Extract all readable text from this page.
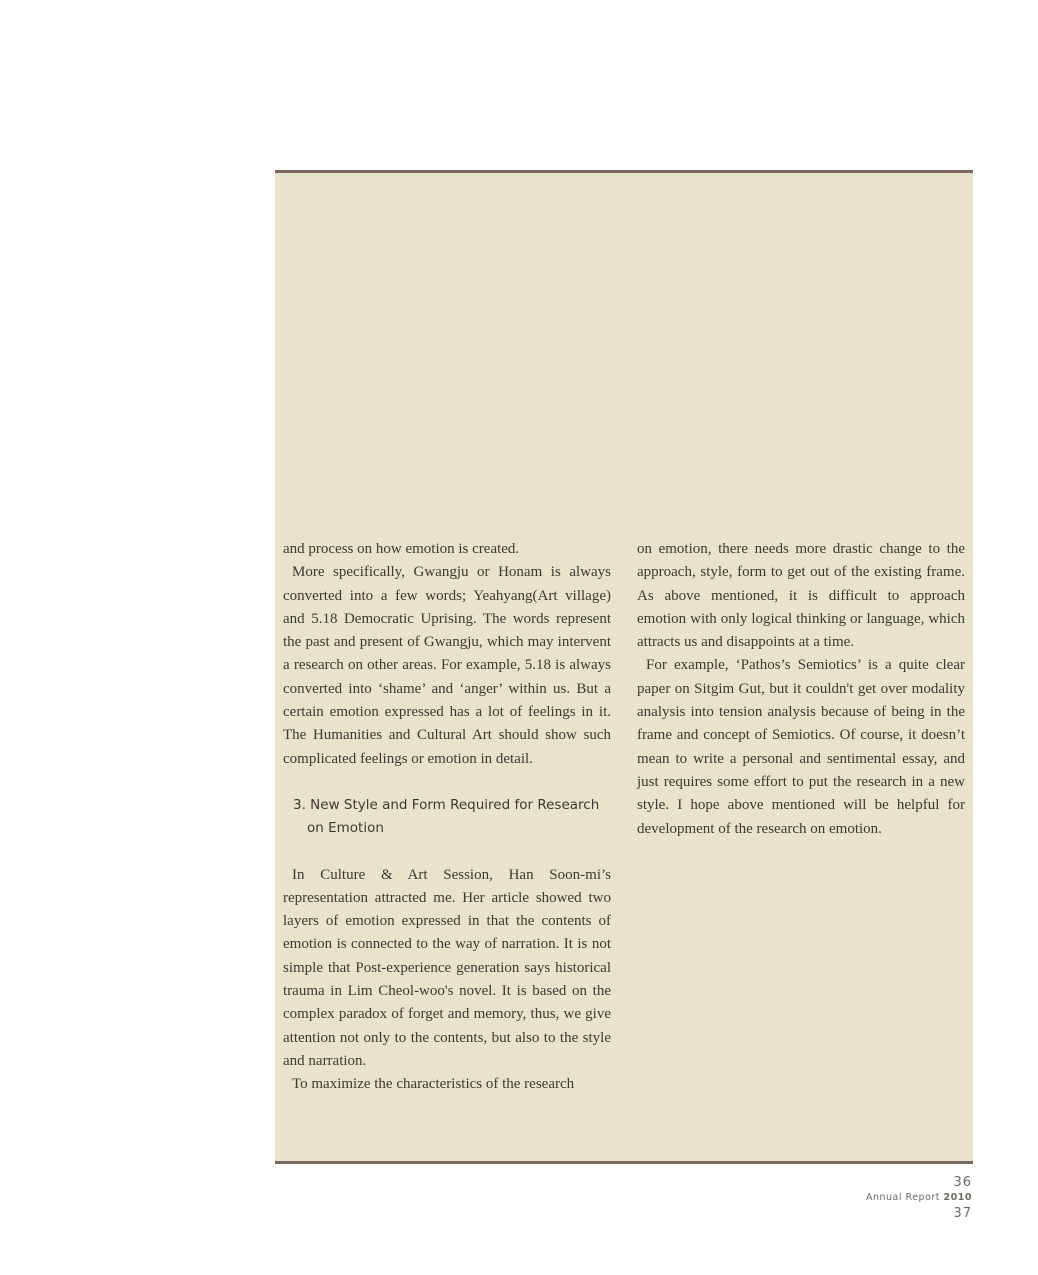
and process on how emotion is created.

More specifically, Gwangju or Honam is always converted into a few words; Yeahyang(Art village) and 5.18 Democratic Uprising. The words represent the past and present of Gwangju, which may intervent a research on other areas. For example, 5.18 is always converted into ‘shame’ and ‘anger’ within us. But a certain emotion expressed has a lot of feelings in it. The Humanities and Cultural Art should show such complicated feelings or emotion in detail.

3. New Style and Form Required for Research
on Emotion

In Culture & Art Session, Han Soon-mi’s representation attracted me. Her article showed two layers of emotion expressed in that the contents of emotion is connected to the way of narration. It is not simple that Post-experience generation says historical trauma in Lim Cheol-woo's novel. It is based on the complex paradox of forget and memory, thus, we give attention not only to the contents, but also to the style and narration.

To maximize the characteristics of the research

on emotion, there needs more drastic change to the approach, style, form to get out of the existing frame. As above mentioned, it is difficult to approach emotion with only logical thinking or language, which attracts us and disappoints at a time.

For example, ‘Pathos’s Semiotics’ is a quite clear paper on Sitgim Gut, but it couldn't get over modality analysis into tension analysis because of being in the frame and concept of Semiotics. Of course, it doesn’t mean to write a personal and sentimental essay, and just requires some effort to put the research in a new style. I hope above mentioned will be helpful for development of the research on emotion.

36
Annual Report 2010
37
